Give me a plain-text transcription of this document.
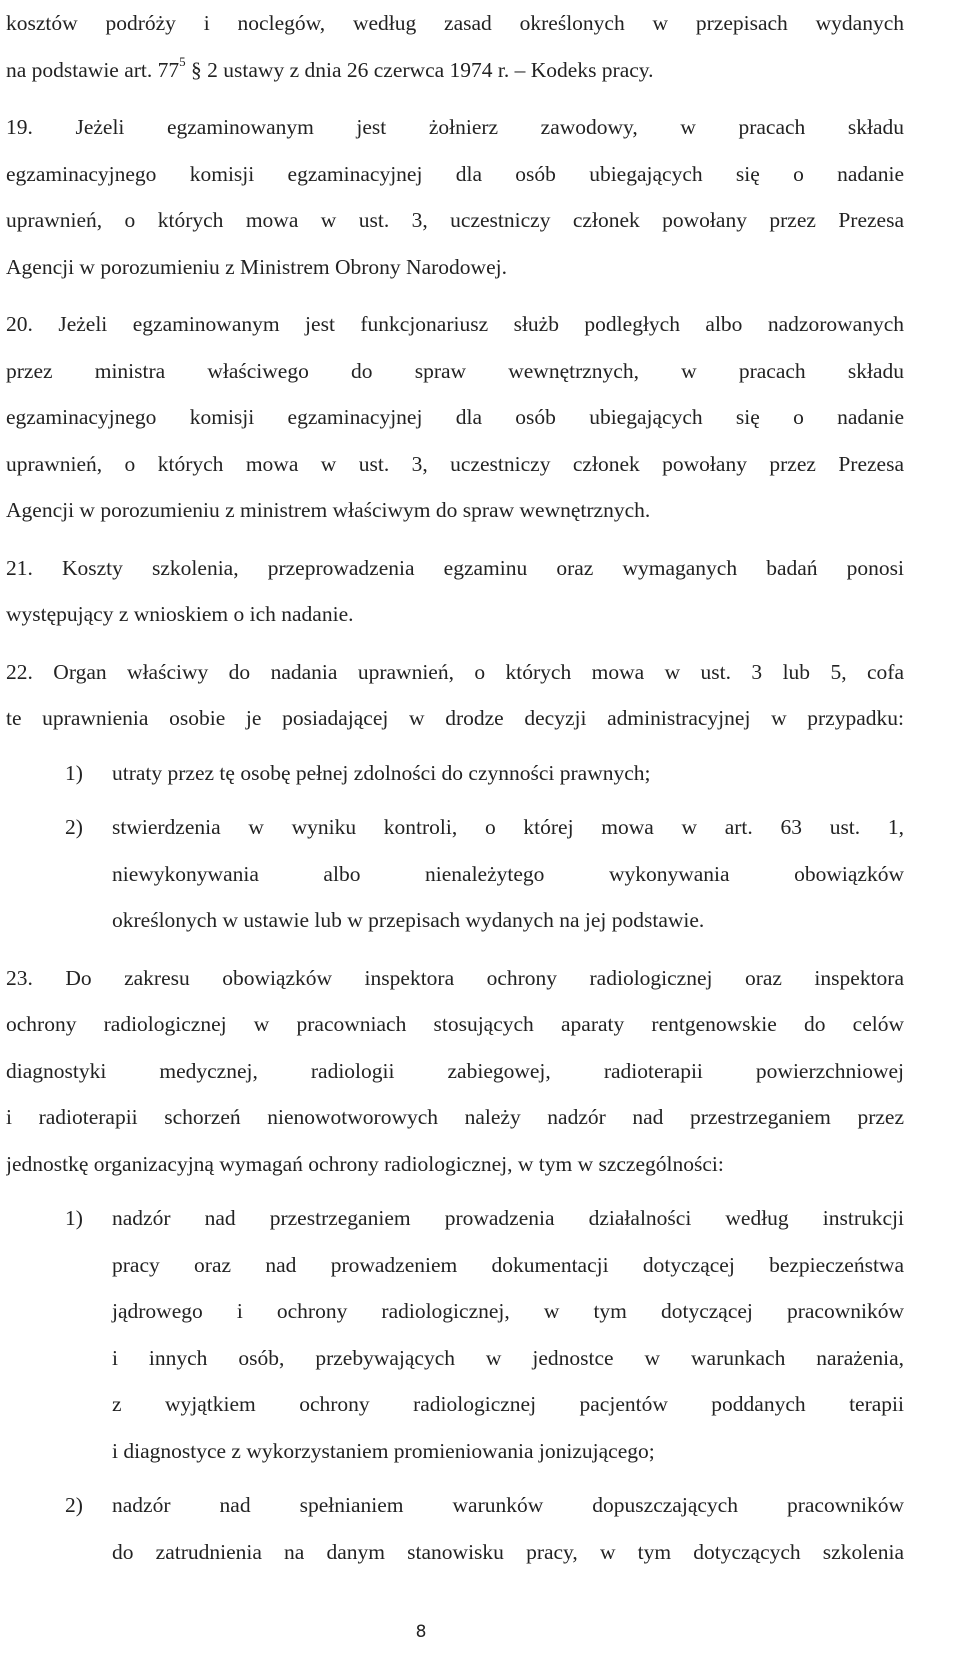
kosztów podróży i noclegów, według zasad określonych w przepisach wydanych
na podstawie art. 77$^5$ § 2 ustawy z dnia 26 czerwca 1974 r. – Kodeks pracy.
19. Jeżeli egzaminowanym jest żołnierz zawodowy, w pracach składu
egzaminacyjnego komisji egzaminacyjnej dla osób ubiegających się o nadanie
uprawnień, o których mowa w ust. 3, uczestniczy członek powołany przez Prezesa
Agencji w porozumieniu z Ministrem Obrony Narodowej.
20. Jeżeli egzaminowanym jest funkcjonariusz służb podległych albo nadzorowanych
przez ministra właściwego do spraw wewnętrznych, w pracach składu
egzaminacyjnego komisji egzaminacyjnej dla osób ubiegających się o nadanie
uprawnień, o których mowa w ust. 3, uczestniczy członek powołany przez Prezesa
Agencji w porozumieniu z ministrem właściwym do spraw wewnętrznych.
21. Koszty szkolenia, przeprowadzenia egzaminu oraz wymaganych badań ponosi
występujący z wnioskiem o ich nadanie.
22. Organ właściwy do nadania uprawnień, o których mowa w ust. 3 lub 5, cofa
te uprawnienia osobie je posiadającej w drodze decyzji administracyjnej w przypadku:
1) utraty przez tę osobę pełnej zdolności do czynności prawnych;
2) stwierdzenia w wyniku kontroli, o której mowa w art. 63 ust. 1,
niewykonywania albo nienależytego wykonywania obowiązków
określonych w ustawie lub w przepisach wydanych na jej podstawie.
23. Do zakresu obowiązków inspektora ochrony radiologicznej oraz inspektora
ochrony radiologicznej w pracowniach stosujących aparaty rentgenowskie do celów
diagnostyki medycznej, radiologii zabiegowej, radioterapii powierzchniowej
i radioterapii schorzeń nienowotworowych należy nadzór nad przestrzeganiem przez
jednostkę organizacyjną wymagań ochrony radiologicznej, w tym w szczególności:
1) nadzór nad przestrzeganiem prowadzenia działalności według instrukcji
pracy oraz nad prowadzeniem dokumentacji dotyczącej bezpieczeństwa
jądrowego i ochrony radiologicznej, w tym dotyczącej pracowników
i innych osób, przebywających w jednostce w warunkach narażenia,
z wyjątkiem ochrony radiologicznej pacjentów poddanych terapii
i diagnostyce z wykorzystaniem promieniowania jonizującego;
2) nadzór nad spełnianiem warunków dopuszczających pracowników
do zatrudnienia na danym stanowisku pracy, w tym dotyczących szkolenia
8
